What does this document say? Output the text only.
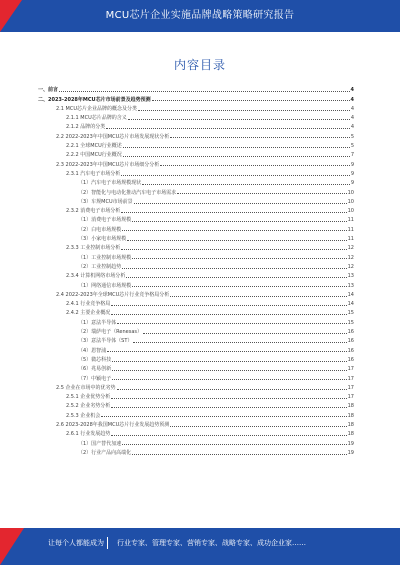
MCU芯片企业实施品牌战略策略研究报告
内容目录
一、前言	4
二、2023-2028年MCU芯片市场前景及趋势预测	4
2.1 MCU芯片企业品牌的概念及分类	4
2.1.1 MCU芯片品牌的含义	4
2.1.2 品牌的分类	4
2.2 2022-2023年中国MCU芯片市场发展现状分析	5
2.2.1 全球MCU行业概述	5
2.2.2 中国MCU行业概况	7
2.3 2022-2023年中国MCU芯片市场细分分析	9
2.3.1 汽车电子市场分析	9
（1）汽车电子市场规模现状	9
（2）智能化与电动化推动汽车电子市场需求	10
（3）车规MCU市场前景	10
2.3.2 消费电子市场分析	10
（1）消费电子市场规模	11
（2）白电市场规模	11
（3）小家电市场规模	11
2.3.3 工业控制市场分析	12
（1）工业控制市场规模	12
（2）工业控制趋势	12
2.3.4 计算机网络市场分析	13
（1）网络通信市场规模	13
2.4 2022-2023年全球MCU芯片行业竞争格局分析	14
2.4.1 行业竞争格局	14
2.4.2 主要企业概况	15
（1）意法半导体	15
（2）瑞萨电子（Renesas）	16
（3）意法半导体（ST）	16
（4）恩智浦	16
（5）微芯科技	16
（6）兆易创新	17
（7）中颖电子	17
2.5 企业在市场中的优劣势	17
2.5.1 企业优势分析	17
2.5.2 企业劣势分析	18
2.5.3 企业机会	18
2.6 2023-2028年我国MCU芯片行业发展趋势预测	18
2.6.1 行业发展趋势	18
（1）国产替代加速	19
（2）行业产品向高端化	19
让每个人都能成为 行业专家、管理专家、营销专家、战略专家、成功企业家……
